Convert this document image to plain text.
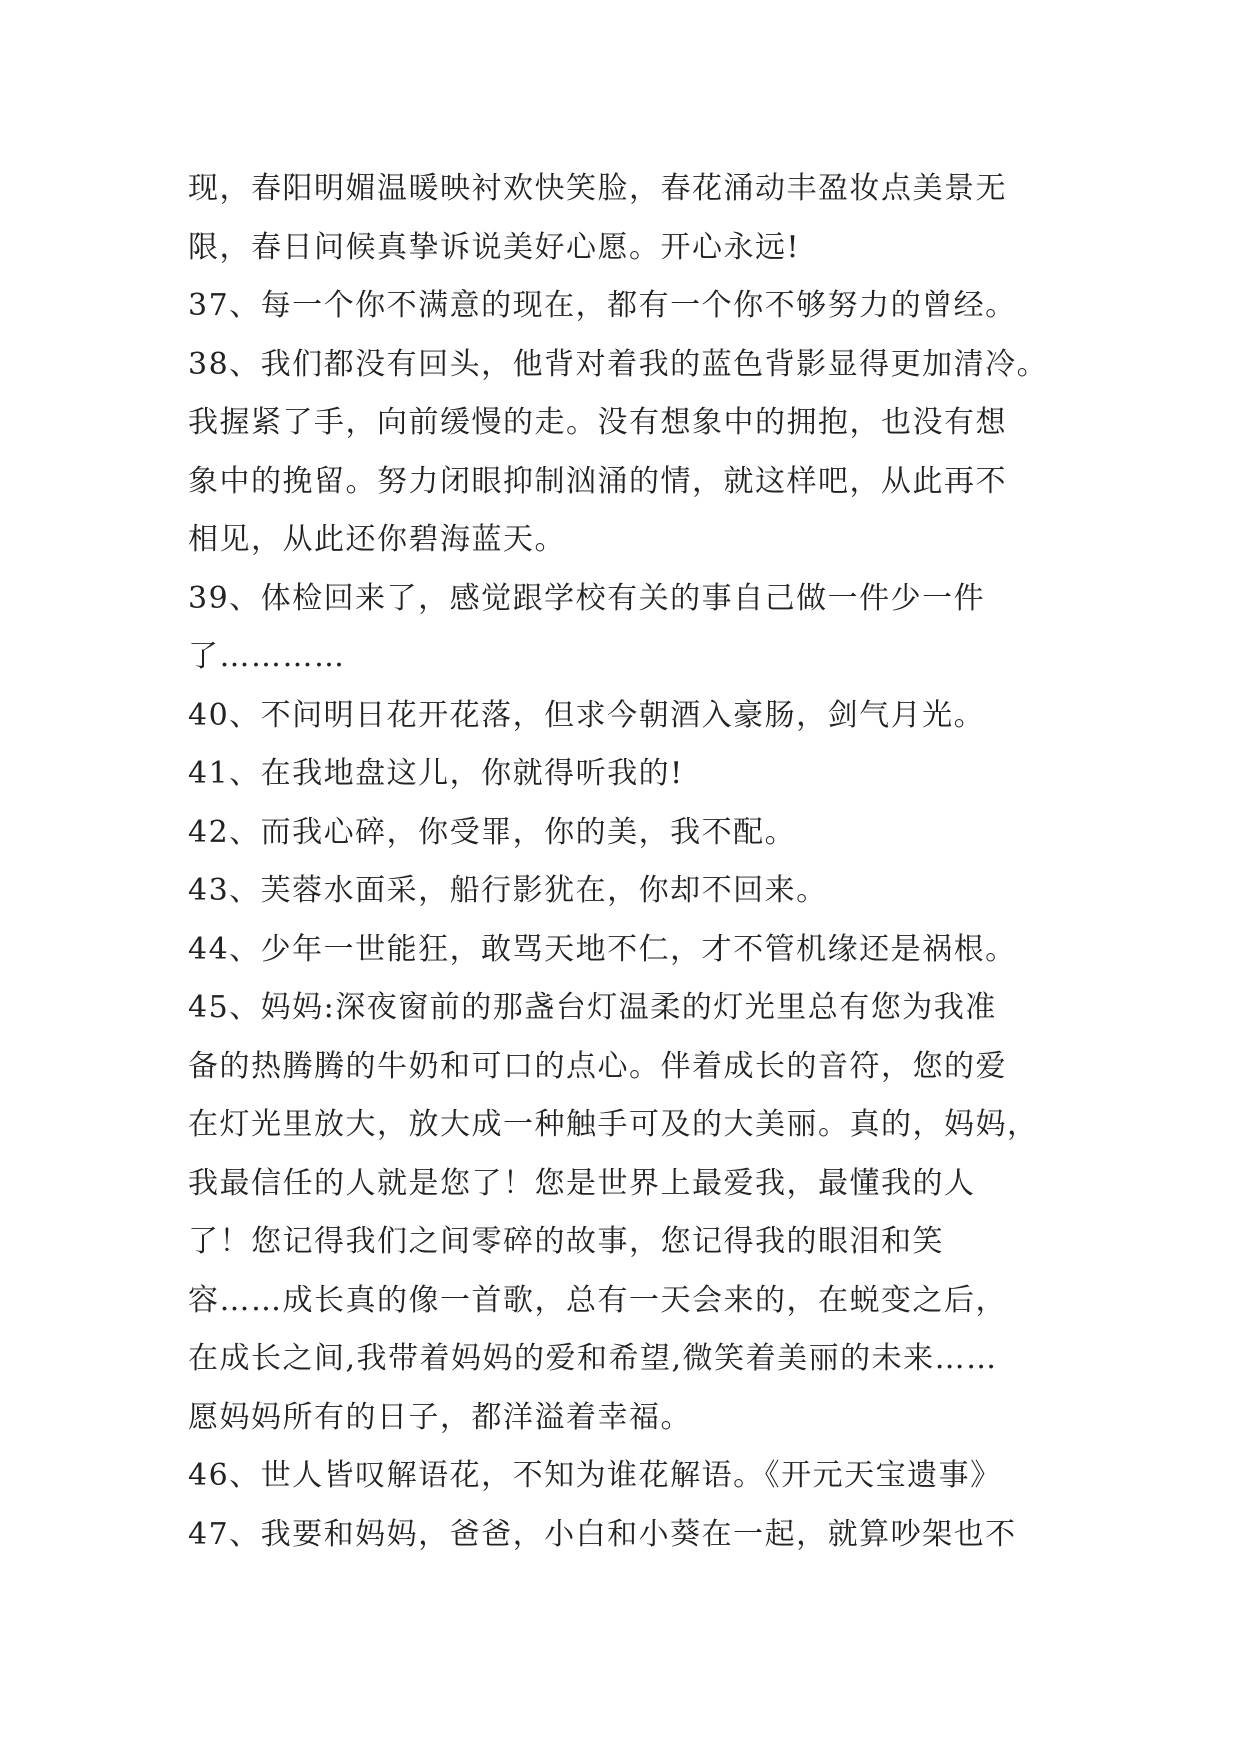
现，春阳明媚温暖映衬欢快笑脸，春花涌动丰盈妆点美景无
限，春日问候真挚诉说美好心愿。开心永远!
37、每一个你不满意的现在，都有一个你不够努力的曾经。
38、我们都没有回头，他背对着我的蓝色背影显得更加清冷。
我握紧了手，向前缓慢的走。没有想象中的拥抱，也没有想
象中的挽留。努力闭眼抑制汹涌的情，就这样吧，从此再不
相见，从此还你碧海蓝天。
39、体检回来了，感觉跟学校有关的事自己做一件少一件
了…………
40、不问明日花开花落，但求今朝酒入豪肠，剑气月光。
41、在我地盘这儿，你就得听我的!
42、而我心碎，你受罪，你的美，我不配。
43、芙蓉水面采，船行影犹在，你却不回来。
44、少年一世能狂，敢骂天地不仁，才不管机缘还是祸根。
45、妈妈:深夜窗前的那盏台灯温柔的灯光里总有您为我准
备的热腾腾的牛奶和可口的点心。伴着成长的音符，您的爱
在灯光里放大，放大成一种触手可及的大美丽。真的，妈妈，
我最信任的人就是您了！您是世界上最爱我，最懂我的人
了！您记得我们之间零碎的故事，您记得我的眼泪和笑
容……成长真的像一首歌，总有一天会来的，在蜕变之后，
在成长之间,我带着妈妈的爱和希望,微笑着美丽的未来……
愿妈妈所有的日子，都洋溢着幸福。
46、世人皆叹解语花，不知为谁花解语。《开元天宝遗事》
47、我要和妈妈，爸爸，小白和小葵在一起，就算吵架也不
